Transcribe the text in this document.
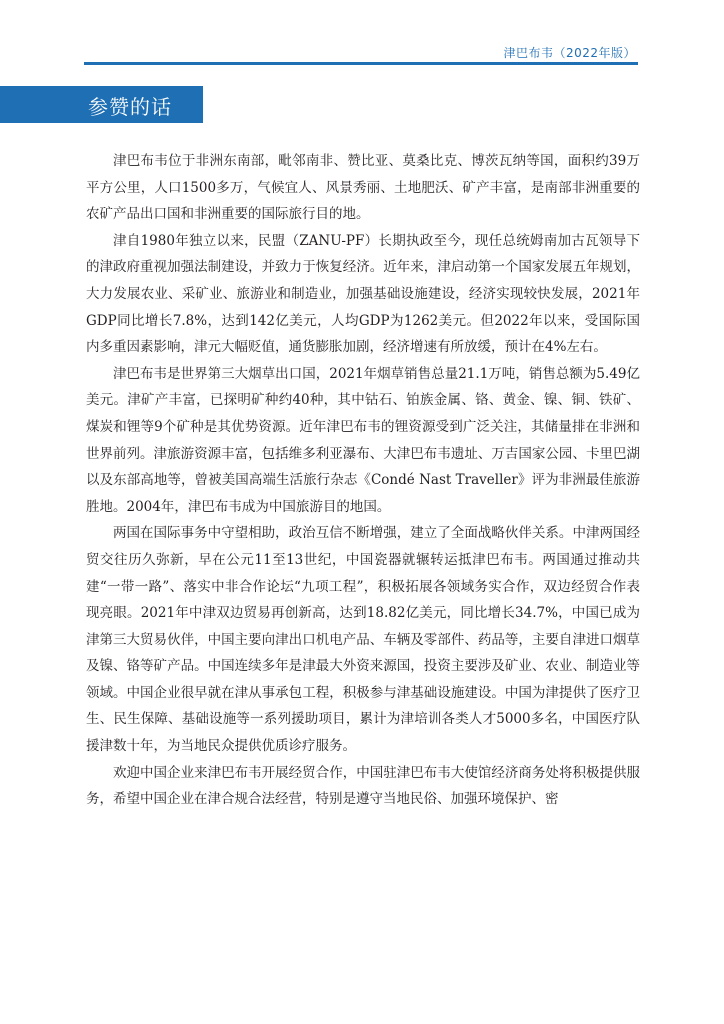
津巴布韦（2022年版）
参赞的话

津巴布韦位于非洲东南部，毗邻南非、赞比亚、莫桑比克、博茨瓦纳等国，面积约39万平方公里，人口1500多万，气候宜人、风景秀丽、土地肥沃、矿产丰富，是南部非洲重要的农矿产品出口国和非洲重要的国际旅行目的地。

津自1980年独立以来，民盟（ZANU-PF）长期执政至今，现任总统姆南加古瓦领导下的津政府重视加强法制建设，并致力于恢复经济。近年来，津启动第一个国家发展五年规划，大力发展农业、采矿业、旅游业和制造业，加强基础设施建设，经济实现较快发展，2021年GDP同比增长7.8%，达到142亿美元，人均GDP为1262美元。但2022年以来，受国际国内多重因素影响，津元大幅贬值，通货膨胀加剧，经济增速有所放缓，预计在4%左右。

津巴布韦是世界第三大烟草出口国，2021年烟草销售总量21.1万吨，销售总额为5.49亿美元。津矿产丰富，已探明矿种约40种，其中钴石、铂族金属、铬、黄金、镍、铜、铁矿、煤炭和锂等9个矿种是其优势资源。近年津巴布韦的锂资源受到广泛关注，其储量排在非洲和世界前列。津旅游资源丰富，包括维多利亚瀑布、大津巴布韦遗址、万吉国家公园、卡里巴湖以及东部高地等，曾被美国高端生活旅行杂志《Condé Nast Traveller》评为非洲最佳旅游胜地。2004年，津巴布韦成为中国旅游目的地国。

两国在国际事务中守望相助，政治互信不断增强，建立了全面战略伙伴关系。中津两国经贸交往历久弥新，早在公元11至13世纪，中国瓷器就辗转运抵津巴布韦。两国通过推动共建“一带一路”、落实中非合作论坛“九项工程”，积极拓展各领域务实合作，双边经贸合作表现亮眼。2021年中津双边贸易再创新高，达到18.82亿美元，同比增长34.7%，中国已成为津第三大贸易伙伴，中国主要向津出口机电产品、车辆及零部件、药品等，主要自津进口烟草及镍、铬等矿产品。中国连续多年是津最大外资来源国，投资主要涉及矿业、农业、制造业等领域。中国企业很早就在津从事承包工程，积极参与津基础设施建设。中国为津提供了医疗卫生、民生保障、基础设施等一系列援助项目，累计为津培训各类人才5000多名，中国医疗队援津数十年，为当地民众提供优质诊疗服务。

欢迎中国企业来津巴布韦开展经贸合作，中国驻津巴布韦大使馆经济商务处将积极提供服务，希望中国企业在津合规合法经营，特别是遵守当地民俗、加强环境保护、密
